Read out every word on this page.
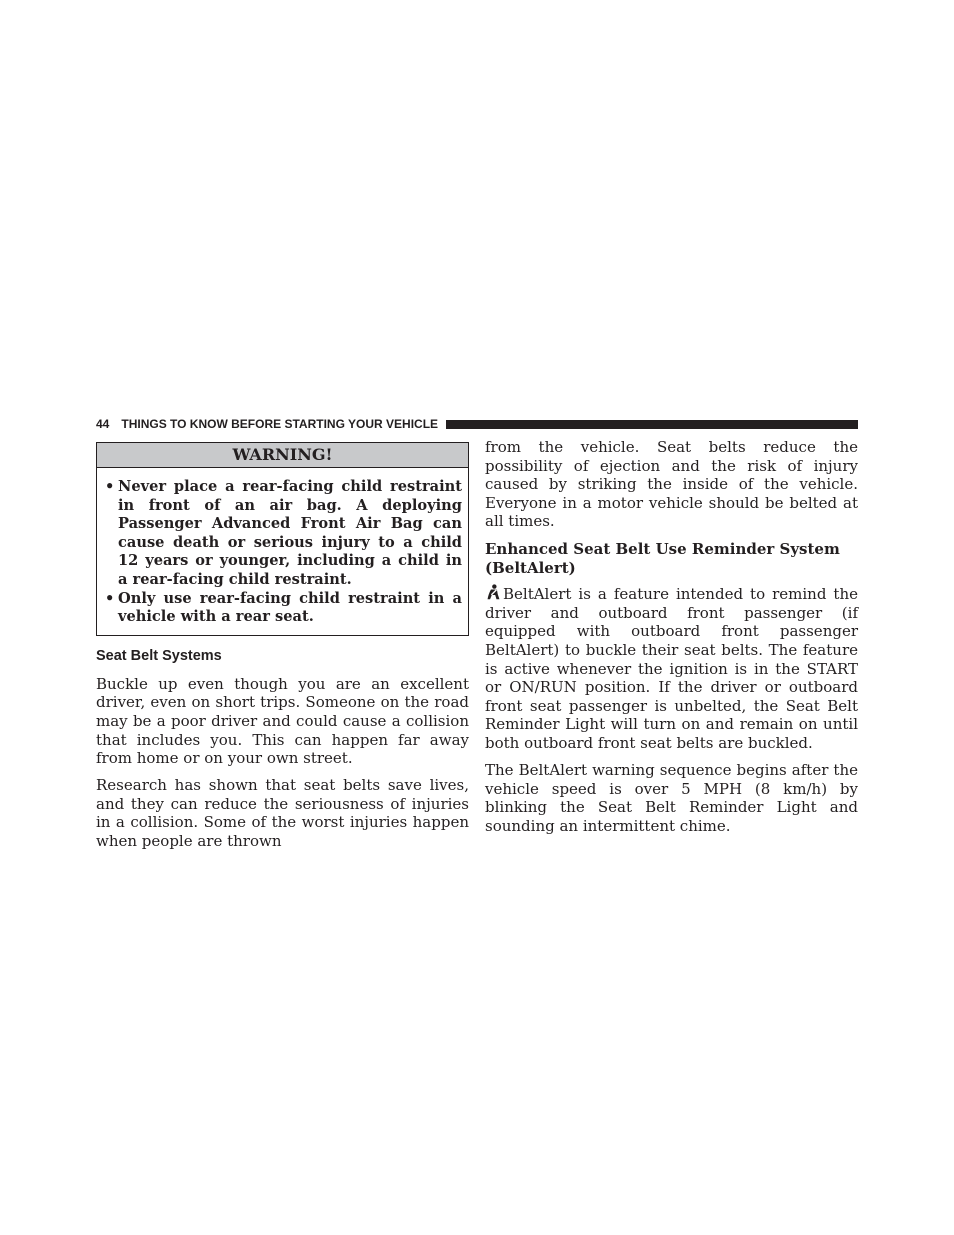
44 THINGS TO KNOW BEFORE STARTING YOUR VEHICLE
WARNING!
• Never place a rear-facing child restraint in front of an air bag. A deploying Passenger Advanced Front Air Bag can cause death or serious injury to a child 12 years or younger, including a child in a rear-facing child restraint.
• Only use rear-facing child restraint in a vehicle with a rear seat.
Seat Belt Systems

Buckle up even though you are an excellent driver, even on short trips. Someone on the road may be a poor driver and could cause a collision that includes you. This can happen far away from home or on your own street.

Research has shown that seat belts save lives, and they can reduce the seriousness of injuries in a collision. Some of the worst injuries happen when people are thrown

from the vehicle. Seat belts reduce the possibility of ejection and the risk of injury caused by striking the inside of the vehicle. Everyone in a motor vehicle should be belted at all times.

Enhanced Seat Belt Use Reminder System (BeltAlert)

BeltAlert is a feature intended to remind the driver and outboard front passenger (if equipped with outboard front passenger BeltAlert) to buckle their seat belts. The feature is active whenever the ignition is in the START or ON/RUN position. If the driver or outboard front seat passenger is unbelted, the Seat Belt Reminder Light will turn on and remain on until both outboard front seat belts are buckled.

The BeltAlert warning sequence begins after the vehicle speed is over 5 MPH (8 km/h) by blinking the Seat Belt Reminder Light and sounding an intermittent chime.
